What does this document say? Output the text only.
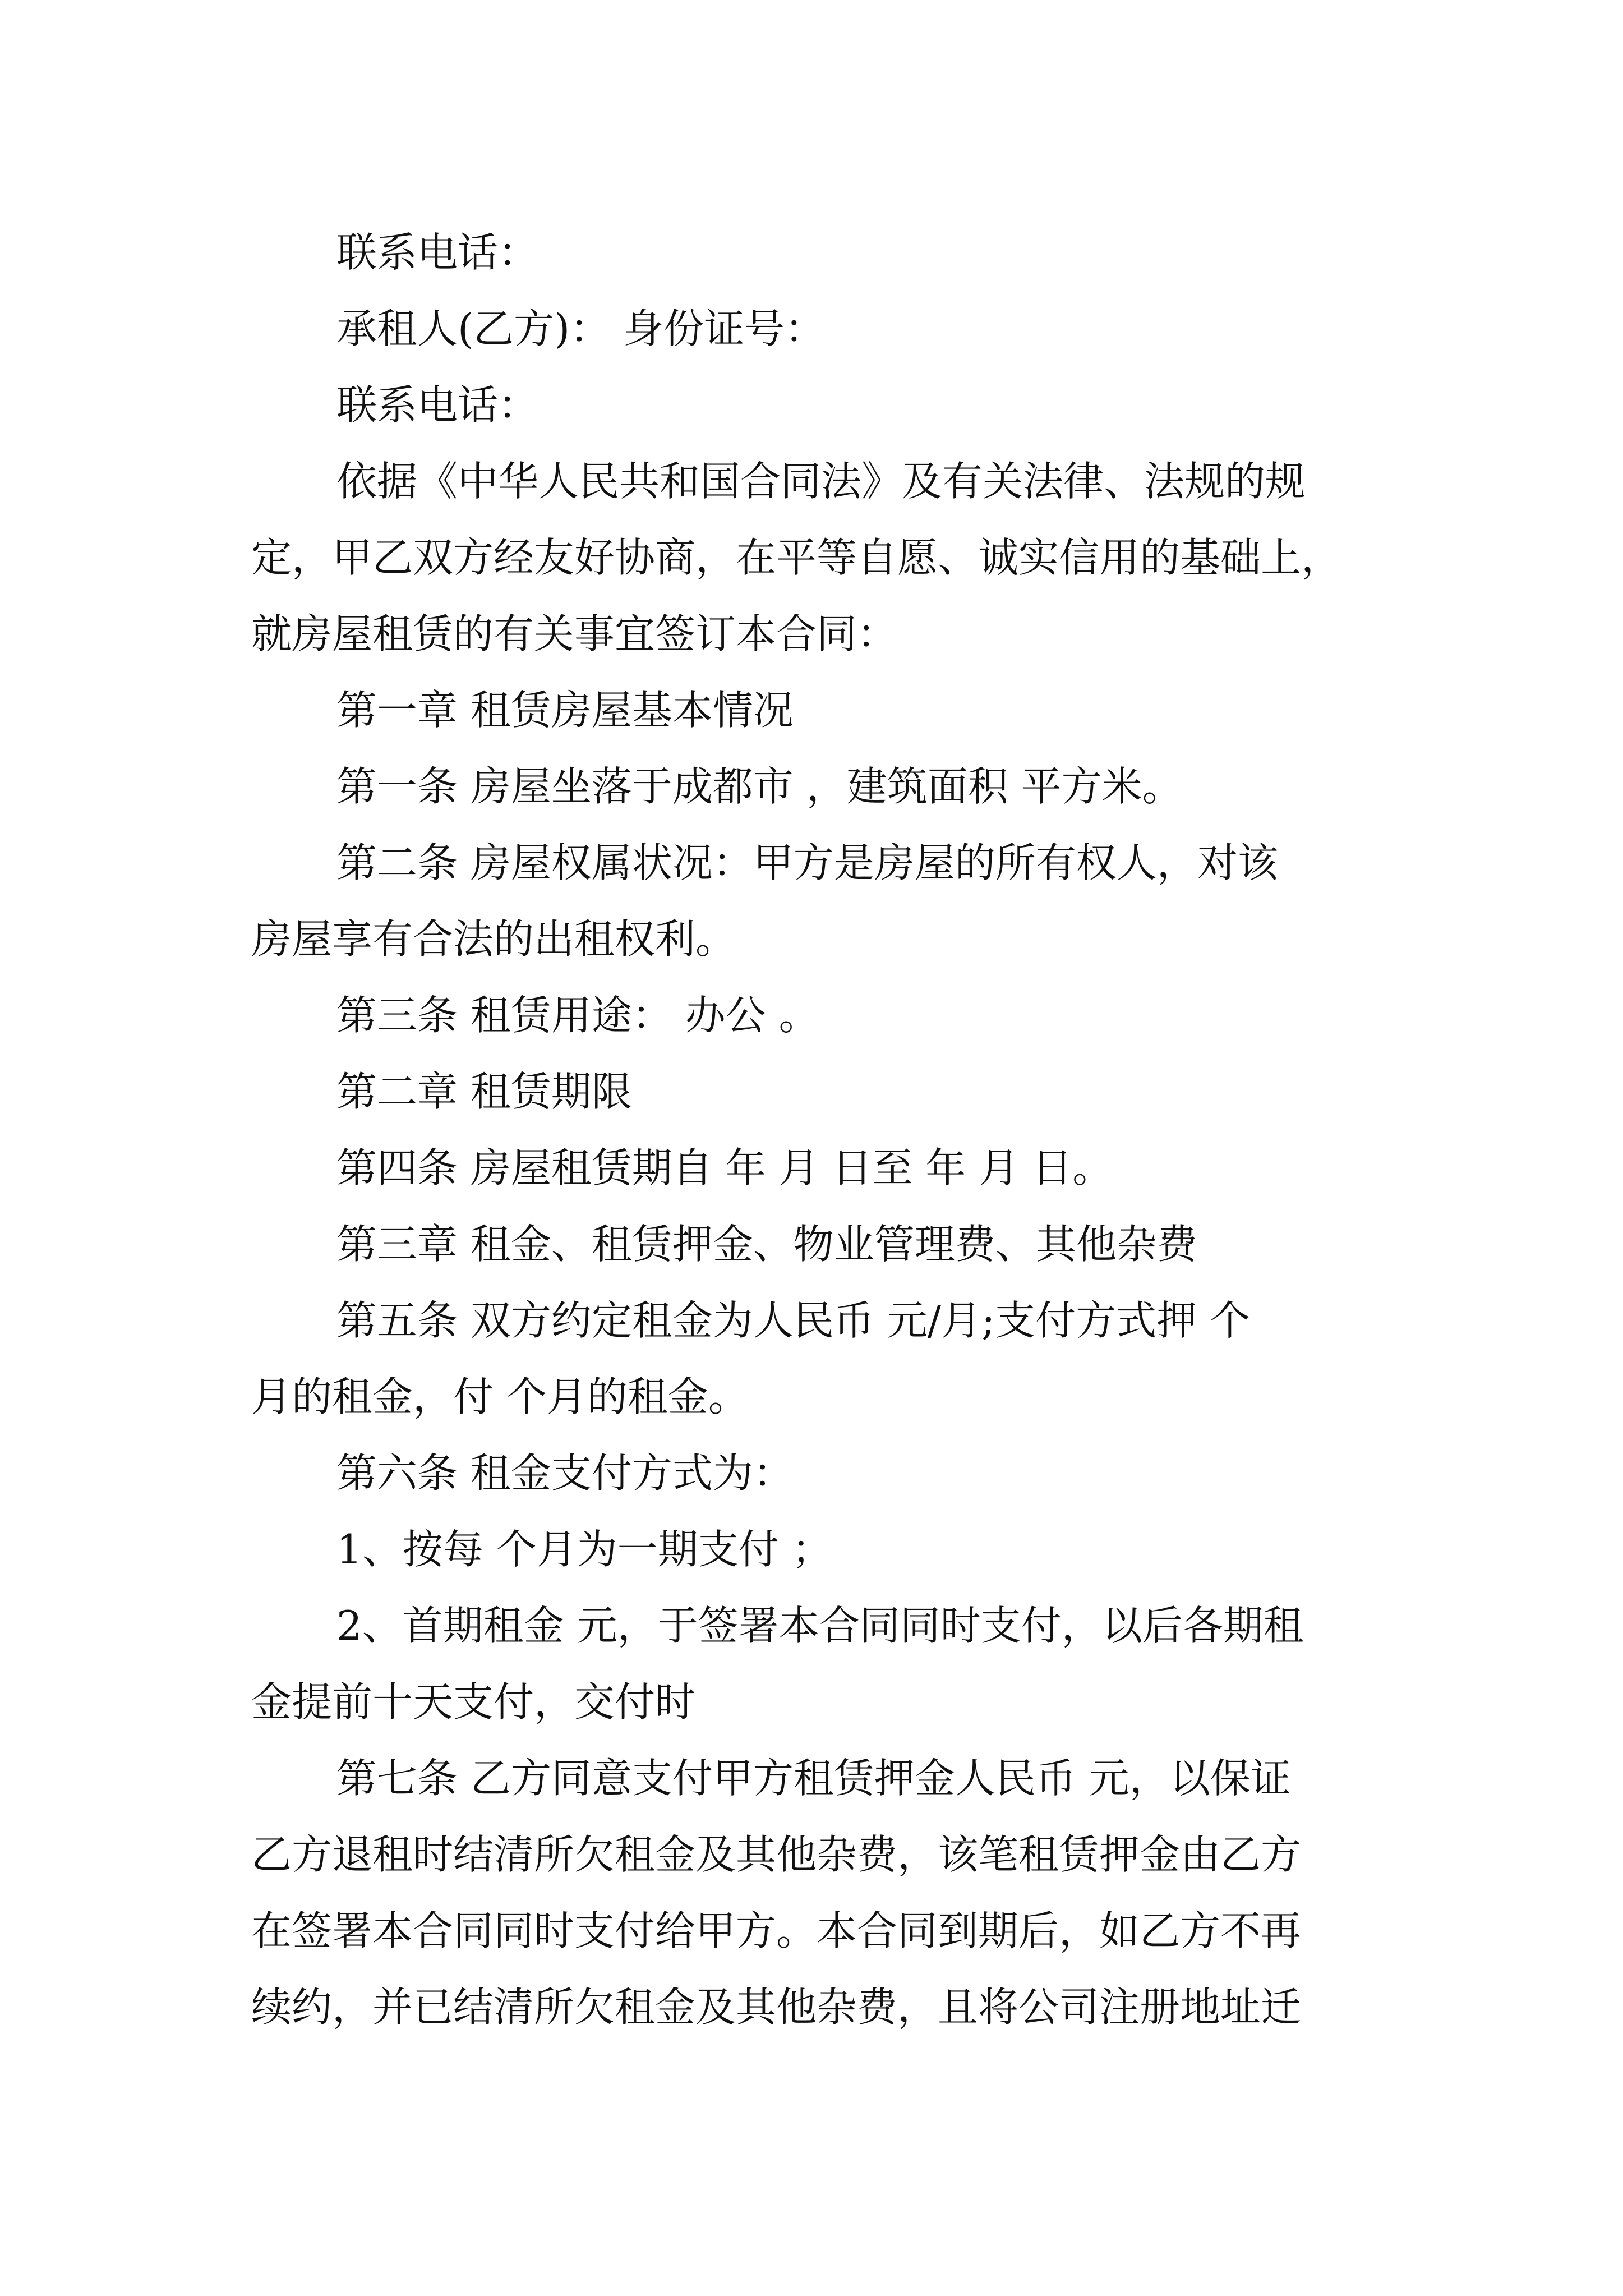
联系电话：
承租人(乙方)： 身份证号：
联系电话：
依据《中华人民共和国合同法》及有关法律、法规的规
定，甲乙双方经友好协商，在平等自愿、诚实信用的基础上，
就房屋租赁的有关事宜签订本合同：
第一章 租赁房屋基本情况
第一条 房屋坐落于成都市 ，建筑面积 平方米。
第二条 房屋权属状况：甲方是房屋的所有权人，对该
房屋享有合法的出租权利。
第三条 租赁用途： 办公 。
第二章 租赁期限
第四条 房屋租赁期自 年 月 日至 年 月 日。
第三章 租金、租赁押金、物业管理费、其他杂费
第五条 双方约定租金为人民币 元/月;支付方式押 个
月的租金，付 个月的租金。
第六条 租金支付方式为：
1、按每 个月为一期支付 ；
2、首期租金 元，于签署本合同同时支付，以后各期租
金提前十天支付，交付时
第七条 乙方同意支付甲方租赁押金人民币 元，以保证
乙方退租时结清所欠租金及其他杂费，该笔租赁押金由乙方
在签署本合同同时支付给甲方。本合同到期后，如乙方不再
续约，并已结清所欠租金及其他杂费，且将公司注册地址迁
